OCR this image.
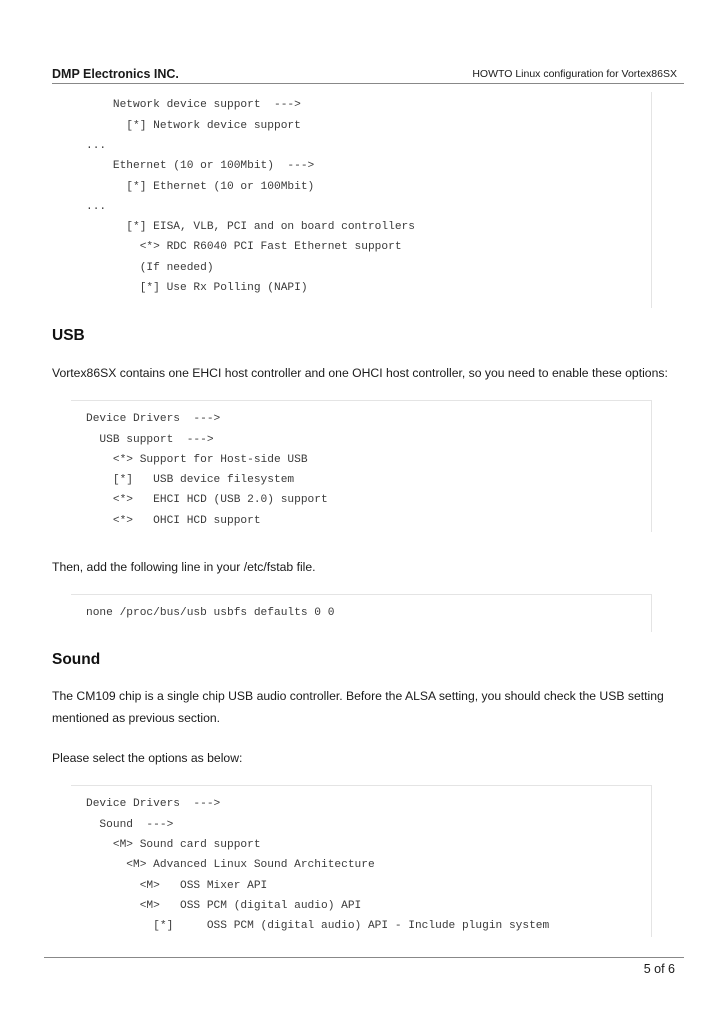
DMP Electronics INC.	HOWTO Linux configuration for Vortex86SX
Network device support  --->
[*] Network device support
...
Ethernet (10 or 100Mbit)  --->
[*] Ethernet (10 or 100Mbit)
...
[*] EISA, VLB, PCI and on board controllers
<*> RDC R6040 PCI Fast Ethernet support
(If needed)
[*] Use Rx Polling (NAPI)
USB
Vortex86SX contains one EHCI host controller and one OHCI host controller, so you need to enable these options:
Device Drivers  --->
USB support  --->
<*> Support for Host-side USB
[*]   USB device filesystem
<*>   EHCI HCD (USB 2.0) support
<*>   OHCI HCD support
Then, add the following line in your /etc/fstab file.
none /proc/bus/usb usbfs defaults 0 0
Sound
The CM109 chip is a single chip USB audio controller. Before the ALSA setting, you should check the USB setting
mentioned as previous section.
Please select the options as below:
Device Drivers  --->
Sound  --->
<M> Sound card support
<M> Advanced Linux Sound Architecture
<M>   OSS Mixer API
<M>   OSS PCM (digital audio) API
[*]     OSS PCM (digital audio) API - Include plugin system
5 of 6
